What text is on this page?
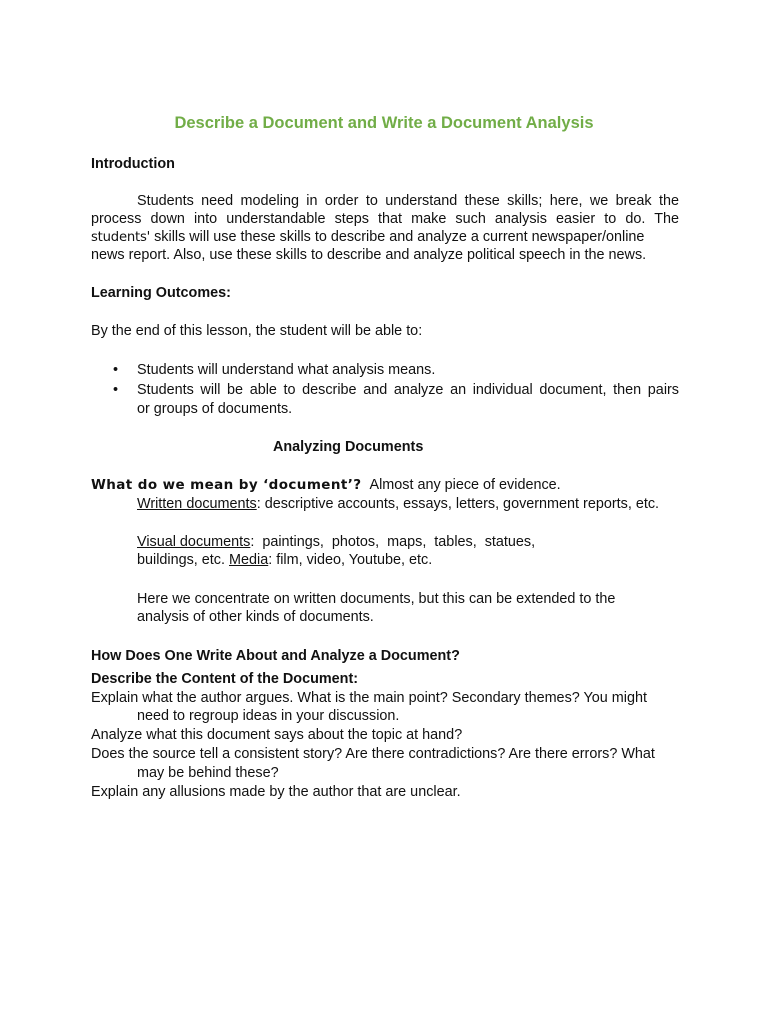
Describe a Document and Write a Document Analysis
Introduction
Students need modeling in order to understand these skills; here, we break the
process down into understandable steps that make such analysis easier to do. The
students' skills will use these skills to describe and analyze a current newspaper/online
news report. Also, use these skills to describe and analyze political speech in the news.
Learning Outcomes:
By the end of this lesson, the student will be able to:
• Students will understand what analysis means.
• Students will be able to describe and analyze an individual document, then pairs
or groups of documents.
Analyzing Documents
What do we mean by ‘document’? Almost any piece of evidence.
Written documents: descriptive accounts, essays, letters, government reports, etc.
Visual documents:  paintings,  photos,  maps,  tables,  statues,
buildings, etc. Media: film, video, Youtube, etc.
Here we concentrate on written documents, but this can be extended to the
analysis of other kinds of documents.
How Does One Write About and Analyze a Document?
Describe the Content of the Document:
Explain what the author argues. What is the main point? Secondary themes? You might
need to regroup ideas in your discussion.
Analyze what this document says about the topic at hand?
Does the source tell a consistent story? Are there contradictions? Are there errors? What
may be behind these?
Explain any allusions made by the author that are unclear.
